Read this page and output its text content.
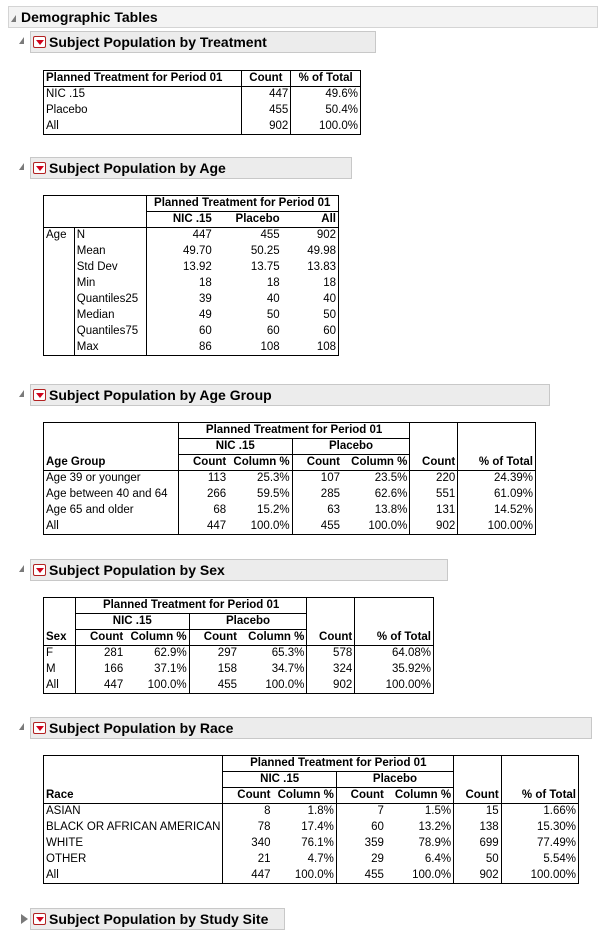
Demographic Tables
Subject Population by Treatment
Planned Treatment for Period 01	Count	% of Total
NIC .15	447	49.6%
Placebo	455	50.4%
All	902	100.0%
Subject Population by Age
		Planned Treatment for Period 01		
		NIC .15	Placebo	All
Age	N	447	455	902
	Mean	49.70	50.25	49.98
	Std Dev	13.92	13.75	13.83
	Min	18	18	18
	Quantiles25	39	40	40
	Median	49	50	50
	Quantiles75	60	60	60
	Max	86	108	108
Subject Population by Age Group
	Planned Treatment for Period 01					
	NIC .15		Placebo			
Age Group	Count	Column %	Count	Column %	Count	% of Total
Age 39 or younger	113	25.3%	107	23.5%	220	24.39%
Age between 40 and 64	266	59.5%	285	62.6%	551	61.09%
Age 65 and older	68	15.2%	63	13.8%	131	14.52%
All	447	100.0%	455	100.0%	902	100.00%
Subject Population by Sex
	Planned Treatment for Period 01					
	NIC .15		Placebo			
Sex	Count	Column %	Count	Column %	Count	% of Total
F	281	62.9%	297	65.3%	578	64.08%
M	166	37.1%	158	34.7%	324	35.92%
All	447	100.0%	455	100.0%	902	100.00%
Subject Population by Race
	Planned Treatment for Period 01					
	NIC .15		Placebo			
Race	Count	Column %	Count	Column %	Count	% of Total
ASIAN	8	1.8%	7	1.5%	15	1.66%
BLACK OR AFRICAN AMERICAN	78	17.4%	60	13.2%	138	15.30%
WHITE	340	76.1%	359	78.9%	699	77.49%
OTHER	21	4.7%	29	6.4%	50	5.54%
All	447	100.0%	455	100.0%	902	100.00%
Subject Population by Study Site
